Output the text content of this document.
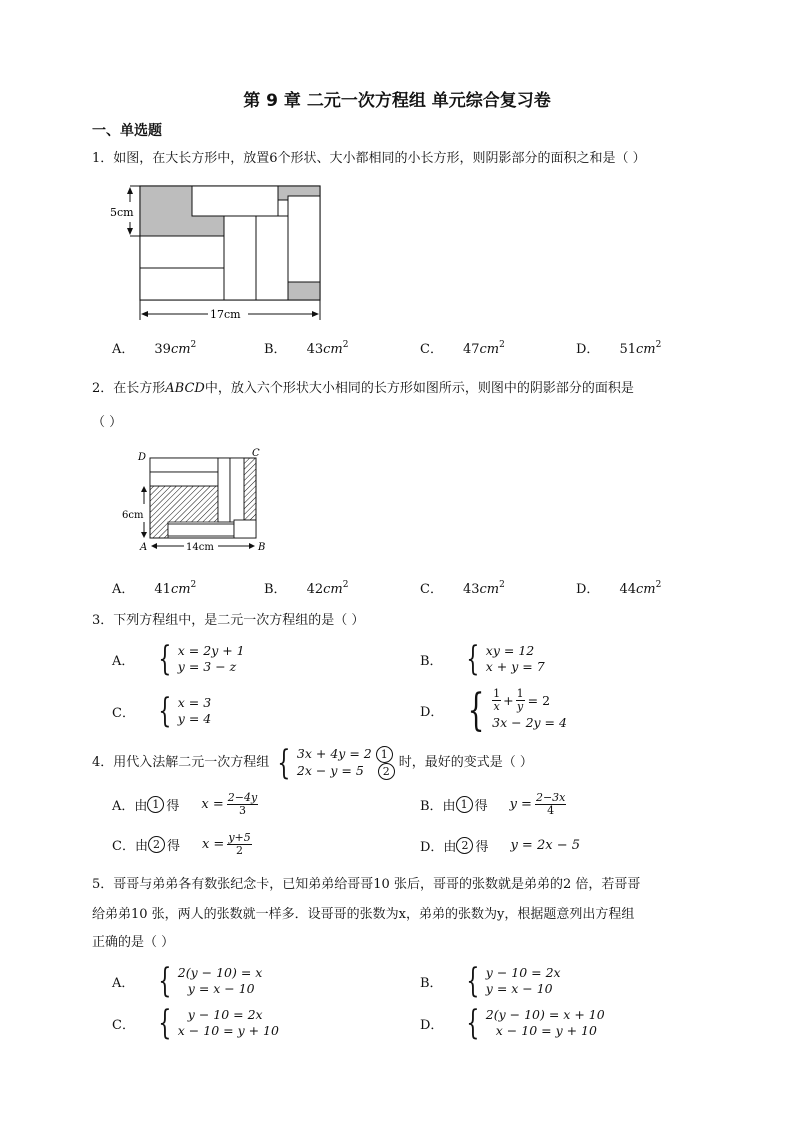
第 9 章 二元一次方程组 单元综合复习卷
一、单选题
1．如图，在大长方形中，放置6个形状、大小都相同的小长方形，则阴影部分的面积之和是（ ）
5cm
17cm
A． $39cm^2$	B． $43cm^2$	C． $47cm^2$	D． $51cm^2$
2．在长方形ABCD中，放入六个形状大小相同的长方形如图所示，则图中的阴影部分的面积是
（ ）
D	C
A	B
6cm
14cm
A． $41cm^2$	B． $42cm^2$	C． $43cm^2$	D． $44cm^2$
3．下列方程组中，是二元一次方程组的是（ ）
A． { x = 2y + 1
y = 3 − z	B． { xy = 12
x + y = 7
C． { x = 3
y = 4	D． { $\frac{1}{x} + \frac{1}{y} = 2$
3x − 2y = 4
4．用代入法解二元一次方程组 { 3x + 4y = 2 1
2x − y = 5 2
时，最好的变式是（ ）
A．由 1 得 $x = \frac{2-4y}{3}$	B．由 1 得 $y = \frac{2-3x}{4}$
C．由 2 得 $x = \frac{y+5}{2}$	D．由 2 得 y = 2x − 5
5．哥哥与弟弟各有数张纪念卡，已知弟弟给哥哥10 张后，哥哥的张数就是弟弟的2 倍，若哥哥
给弟弟10 张，两人的张数就一样多．设哥哥的张数为x，弟弟的张数为y，根据题意列出方程组
正确的是（ ）
A． { 2(y − 10) = x
y = x − 10	B． { y − 10 = 2x
y = x − 10
C． {	y − 10 = 2x
x − 10 = y + 10	D． { 2(y − 10) = x + 10
x − 10 = y + 10
